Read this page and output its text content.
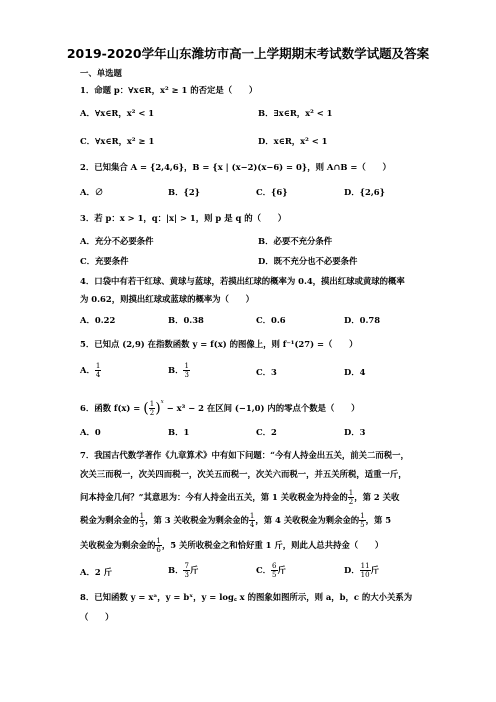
2019-2020学年山东潍坊市高一上学期期末考试数学试题及答案
一、单选题
1．命题 p：∀x∈R，x² ≥ 1 的否定是（　　）
A．∀x∈R，x² < 1	B．∃x∈R，x² < 1
C．∀x∈R，x² ≥ 1	D．x∈R，x² < 1
2．已知集合 A = {2,4,6}，B = {x | (x−2)(x−6) = 0}，则 A∩B =（　　）
A．∅	B．{2}	C．{6}	D．{2,6}
3．若 p：x > 1，q：|x| > 1，则 p 是 q 的（　　）
A．充分不必要条件	B．必要不充分条件
C．充要条件	D．既不充分也不必要条件
4．口袋中有若干红球、黄球与蓝球，若摸出红球的概率为 0.4，摸出红球或黄球的概率
为 0.62，则摸出红球或蓝球的概率为（　　）
A．0.22	B．0.38	C．0.6	D．0.78
5．已知点 (2,9) 在指数函数 y = f(x) 的图像上，则 f⁻¹(27) =（　　）
A． $\frac{1}{4}$	B． $\frac{1}{3}$	C．3	D．4
6．函数 f(x) = ( $\frac{1}{2} )^x - x^3 - 2$ 在区间 (−1,0) 内的零点个数是（　　）
A．0	B．1	C．2	D．3
7．我国古代数学著作《九章算术》中有如下问题：“今有人持金出五关，前关二而税一，
次关三而税一，次关四而税一，次关五而税一，次关六而税一，并五关所税，适重一斤，
问本持金几何？”其意思为：今有人持金出五关，第 1 关收税金为持金的 $\frac{1}{2}$ ，第 2 关收
税金为剩余金的 $\frac{1}{3}$ ，第 3 关收税金为剩余金的 $\frac{1}{4}$ ，第 4 关收税金为剩余金的 $\frac{1}{5}$ ，第 5
关收税金为剩余金的 $\frac{1}{6}$ ，5 关所收税金之和恰好重 1 斤，则此人总共持金（　　）
A．2 斤	B． $\frac{7}{3}$ 斤	C． $\frac{6}{5}$ 斤	D． $\frac{11}{10}$ 斤
8．已知函数 y = xᵃ，y = bˣ，y = log꜀ x 的图象如图所示，则 a，b，c 的大小关系为
（　　）
